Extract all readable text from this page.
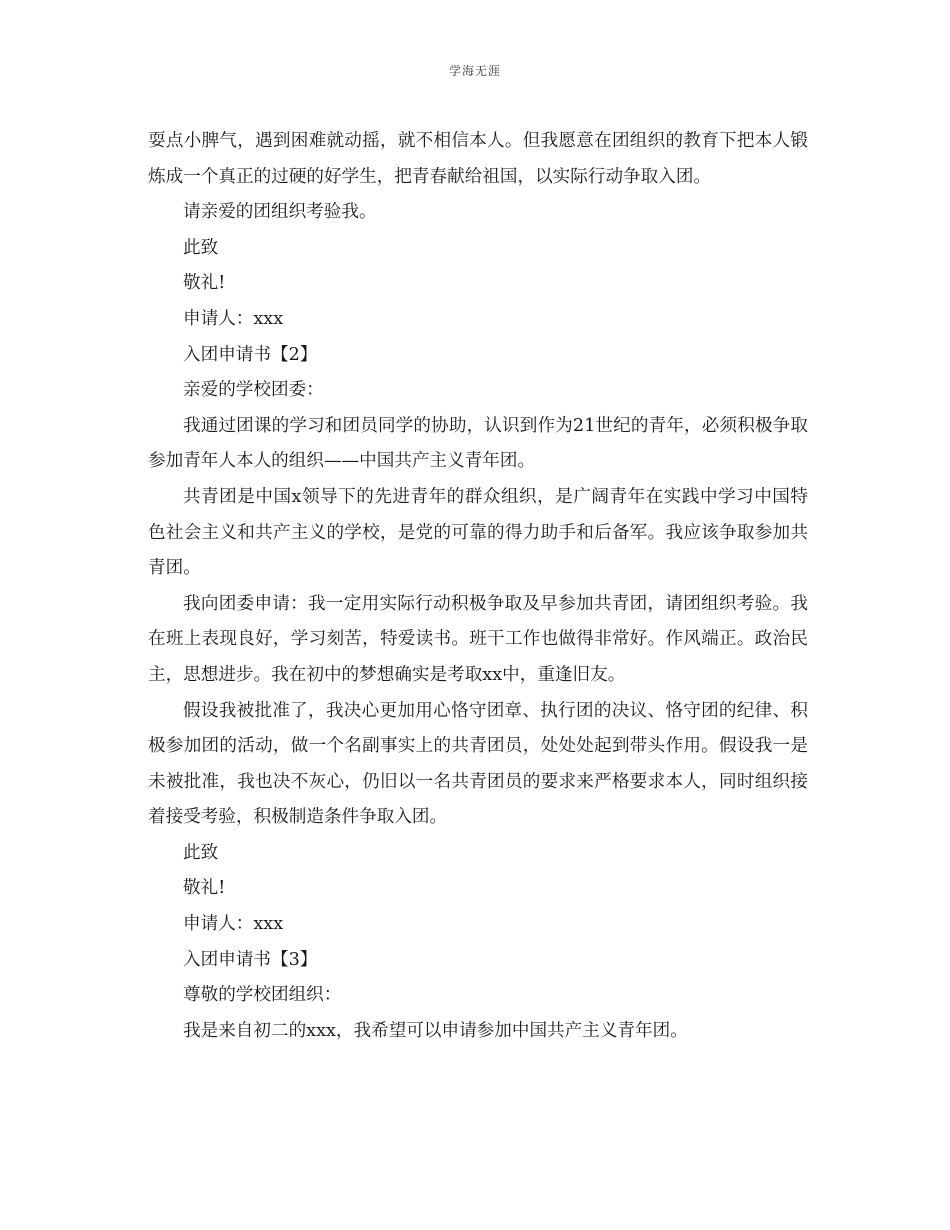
学海无涯

耍点小脾气，遇到困难就动摇，就不相信本人。但我愿意在团组织的教育下把本人锻炼成一个真正的过硬的好学生，把青春献给祖国，以实际行动争取入团。

请亲爱的团组织考验我。

此致

敬礼!

申请人：xxx

入团申请书【2】

亲爱的学校团委：

我通过团课的学习和团员同学的协助，认识到作为21世纪的青年，必须积极争取参加青年人本人的组织——中国共产主义青年团。

共青团是中国x领导下的先进青年的群众组织，是广阔青年在实践中学习中国特色社会主义和共产主义的学校，是党的可靠的得力助手和后备军。我应该争取参加共青团。

我向团委申请：我一定用实际行动积极争取及早参加共青团，请团组织考验。我在班上表现良好，学习刻苦，特爱读书。班干工作也做得非常好。作风端正。政治民主，思想进步。我在初中的梦想确实是考取xx中，重逢旧友。

假设我被批准了，我决心更加用心恪守团章、执行团的决议、恪守团的纪律、积极参加团的活动，做一个名副事实上的共青团员，处处处起到带头作用。假设我一是未被批准，我也决不灰心，仍旧以一名共青团员的要求来严格要求本人，同时组织接着接受考验，积极制造条件争取入团。

此致

敬礼!

申请人：xxx

入团申请书【3】

尊敬的学校团组织：

我是来自初二的xxx，我希望可以申请参加中国共产主义青年团。
